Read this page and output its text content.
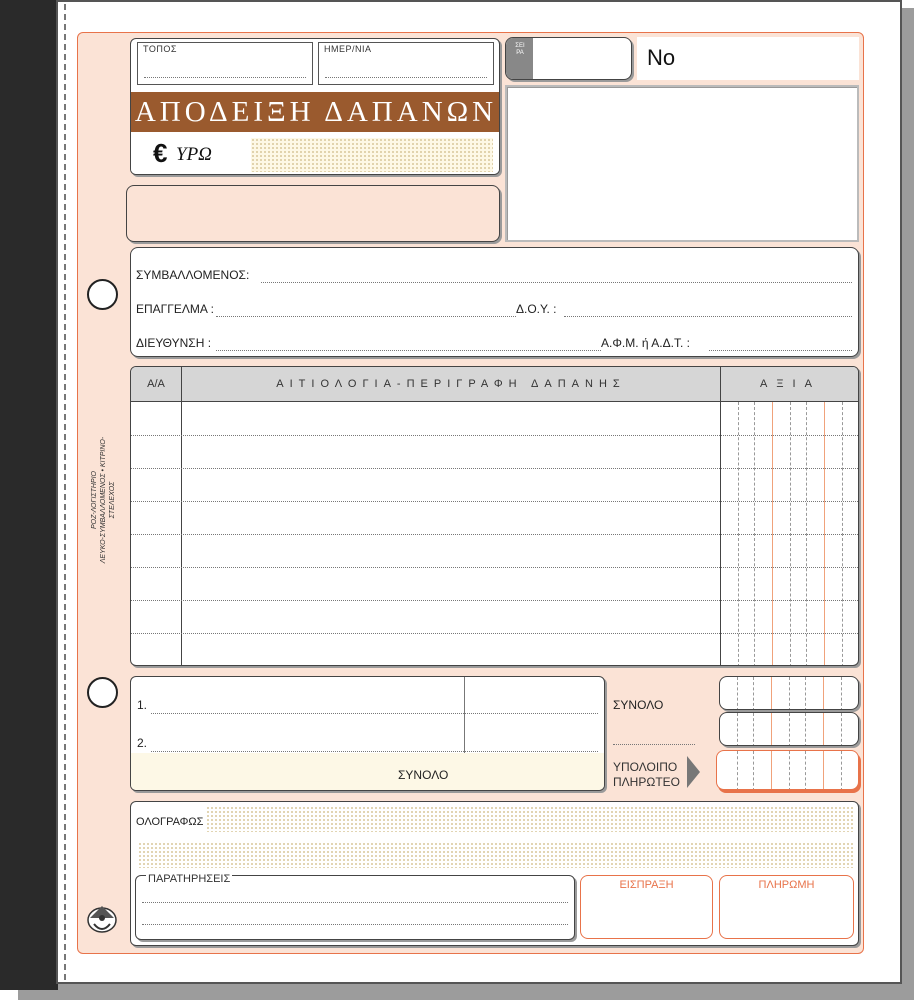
ΡΟΖ-ΛΟΓΙΣΤΗΡΙΟ ΛΕΥΚΟ-ΣΥΜΒΑΛΛΟΜΕΝΟΣ • ΚΙΤΡΙΝΟ-ΣΤΕΛΕΧΟΣ
ΤΟΠΟΣ	ΗΜΕΡ/ΝΙΑ
ΑΠΟΔΕΙΞΗ ΔΑΠΑΝΩΝ
€ ΥΡΩ
ΣΕΙΡΑ	No
ΣΥΜΒΑΛΛΟΜΕΝΟΣ:
ΕΠΑΓΓΕΛΜΑ :	Δ.Ο.Υ. :
ΔΙΕΥΘΥΝΣΗ :	Α.Φ.Μ. ή Α.Δ.Τ. :
Α/Α	ΑΙΤΙΟΛΟΓΙΑ-ΠΕΡΙΓΡΑΦΗ ΔΑΠΑΝΗΣ	ΑΞΙΑ
1.
2.
ΣΥΝΟΛΟ
ΣΥΝΟΛΟ
ΥΠΟΛΟΙΠΟ
ΠΛΗΡΩΤΕΟ
ΟΛΟΓΡΑΦΩΣ
ΠΑΡΑΤΗΡΗΣΕΙΣ	ΕΙΣΠΡΑΞΗ	ΠΛΗΡΩΜΗ
